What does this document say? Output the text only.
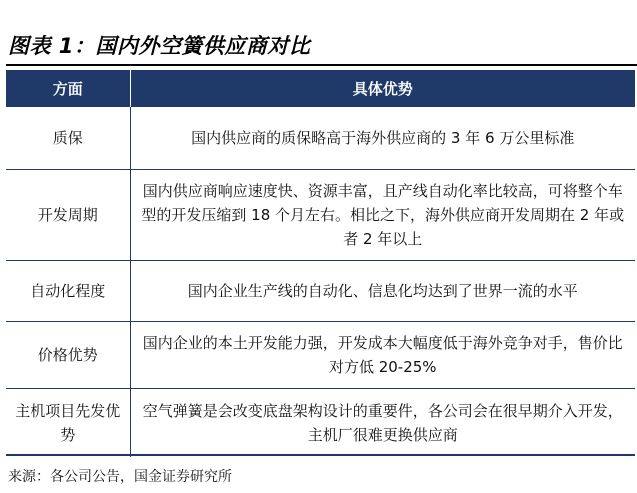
图表 1：国内外空簧供应商对比
方面	具体优势
质保	国内供应商的质保略高于海外供应商的 3 年 6 万公里标准
开发周期	国内供应商响应速度快、资源丰富，且产线自动化率比较高，可将整个车型的开发压缩到 18 个月左右。相比之下，海外供应商开发周期在 2 年或者 2 年以上
自动化程度	国内企业生产线的自动化、信息化均达到了世界一流的水平
价格优势	国内企业的本土开发能力强，开发成本大幅度低于海外竞争对手，售价比对方低 20-25%
主机项目先发优势	空气弹簧是会改变底盘架构设计的重要件，各公司会在很早期介入开发，主机厂很难更换供应商
来源：各公司公告，国金证券研究所
